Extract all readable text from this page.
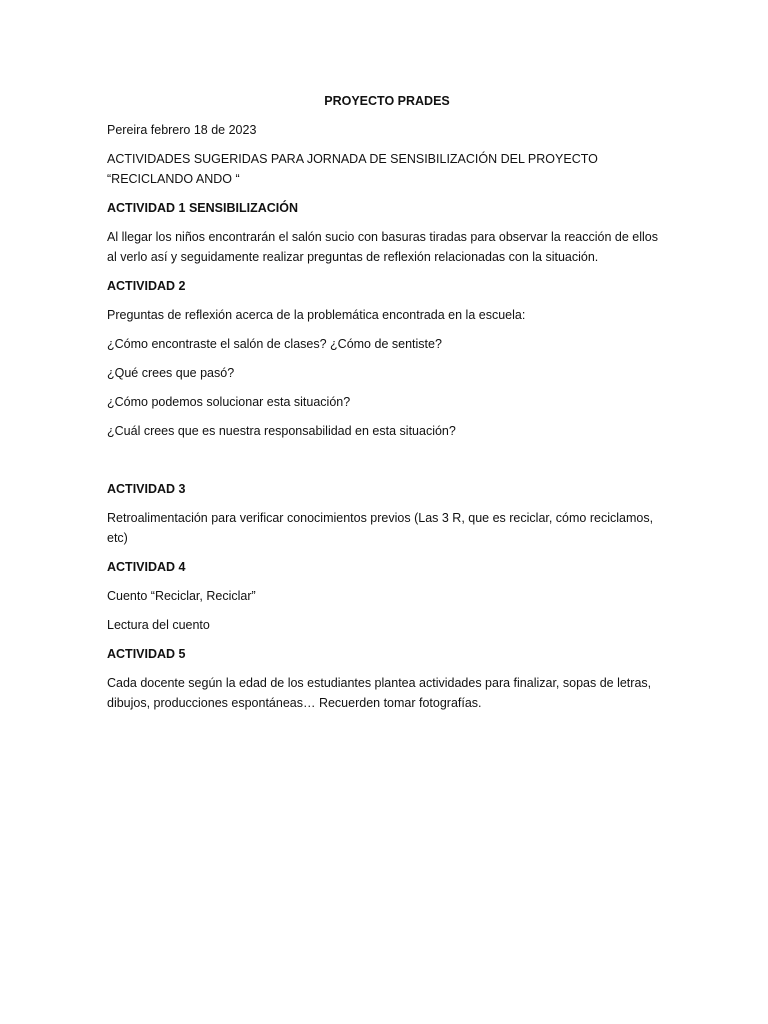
PROYECTO PRADES

Pereira febrero 18 de 2023

ACTIVIDADES SUGERIDAS PARA JORNADA DE SENSIBILIZACIÓN DEL PROYECTO “RECICLANDO ANDO “

ACTIVIDAD 1 SENSIBILIZACIÓN

Al llegar los niños encontrarán el salón sucio con basuras tiradas para observar la reacción de ellos al verlo así y seguidamente realizar preguntas de reflexión relacionadas con la situación.

ACTIVIDAD 2

Preguntas de reflexión acerca de la problemática encontrada en la escuela:

¿Cómo encontraste el salón de clases? ¿Cómo de sentiste?

¿Qué crees que pasó?

¿Cómo podemos solucionar esta situación?

¿Cuál crees que es nuestra responsabilidad en esta situación?

ACTIVIDAD 3

Retroalimentación para verificar conocimientos previos (Las 3 R, que es reciclar, cómo reciclamos, etc)

ACTIVIDAD 4

Cuento “Reciclar, Reciclar”

Lectura del cuento

ACTIVIDAD 5

Cada docente según la edad de los estudiantes plantea actividades para finalizar, sopas de letras, dibujos, producciones espontáneas… Recuerden tomar fotografías.
